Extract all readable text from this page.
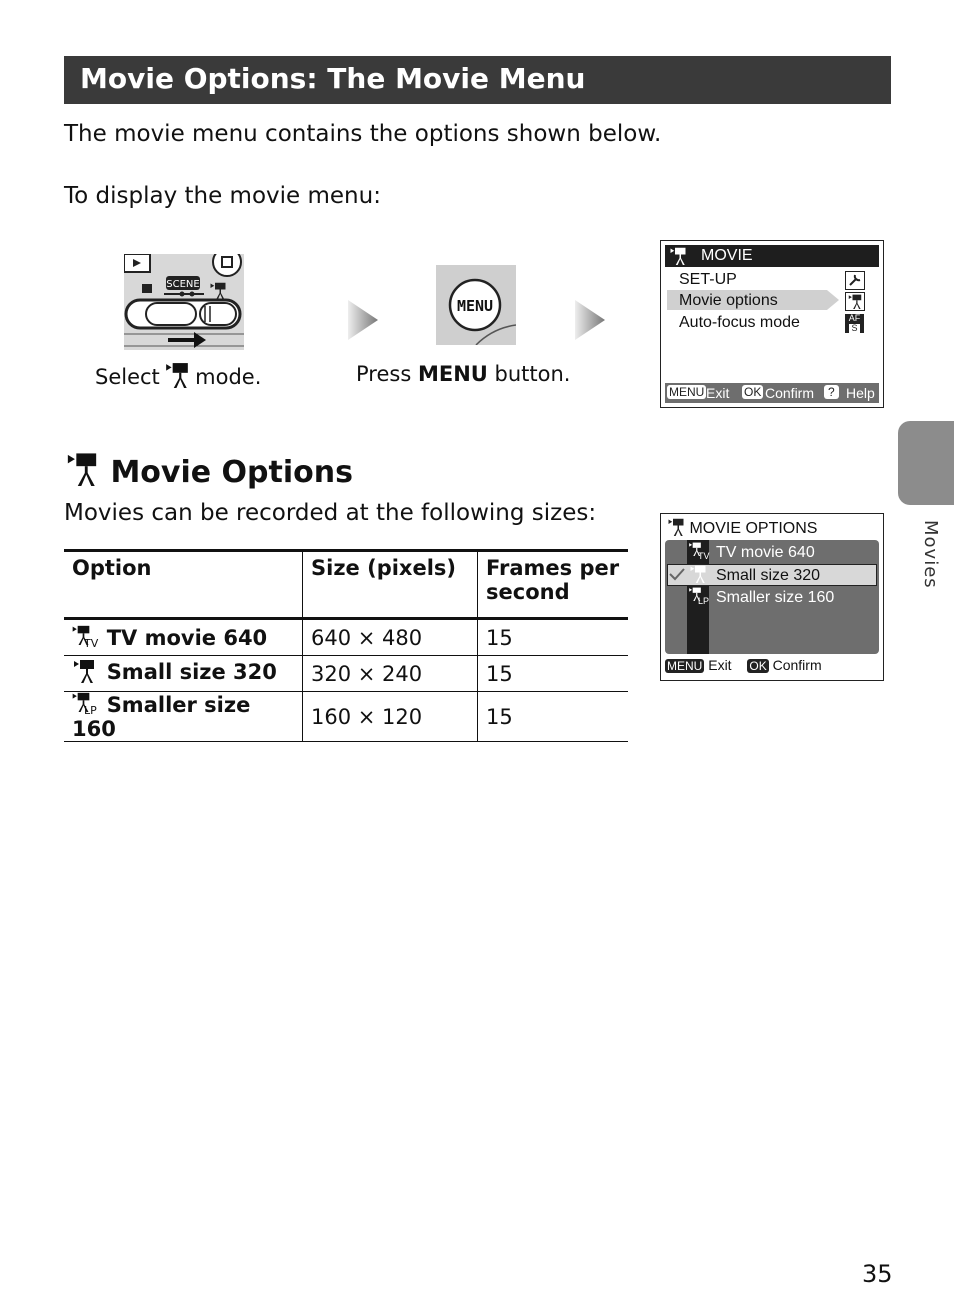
Movie Options: The Movie Menu
The movie menu contains the options shown below.
To display the movie menu:
SCENE
Select mode.
MENU
Press MENU button.
MOVIE
SET-UP
Movie options
Auto-focus mode	AF
S
MENU Exit OK Confirm	? Help
Movie Options
Movies can be recorded at the following sizes:
Option	Size (pixels)	Frames per second

TV TV movie 640	640 × 480	15
Small size 320	320 × 240	15

LP Smaller size 160	160 × 120	15
MOVIE OPTIONS
TV
LP
TV movie 640
Small size 320
Smaller size 160
MENU Exit OK Confirm
Movies
35
